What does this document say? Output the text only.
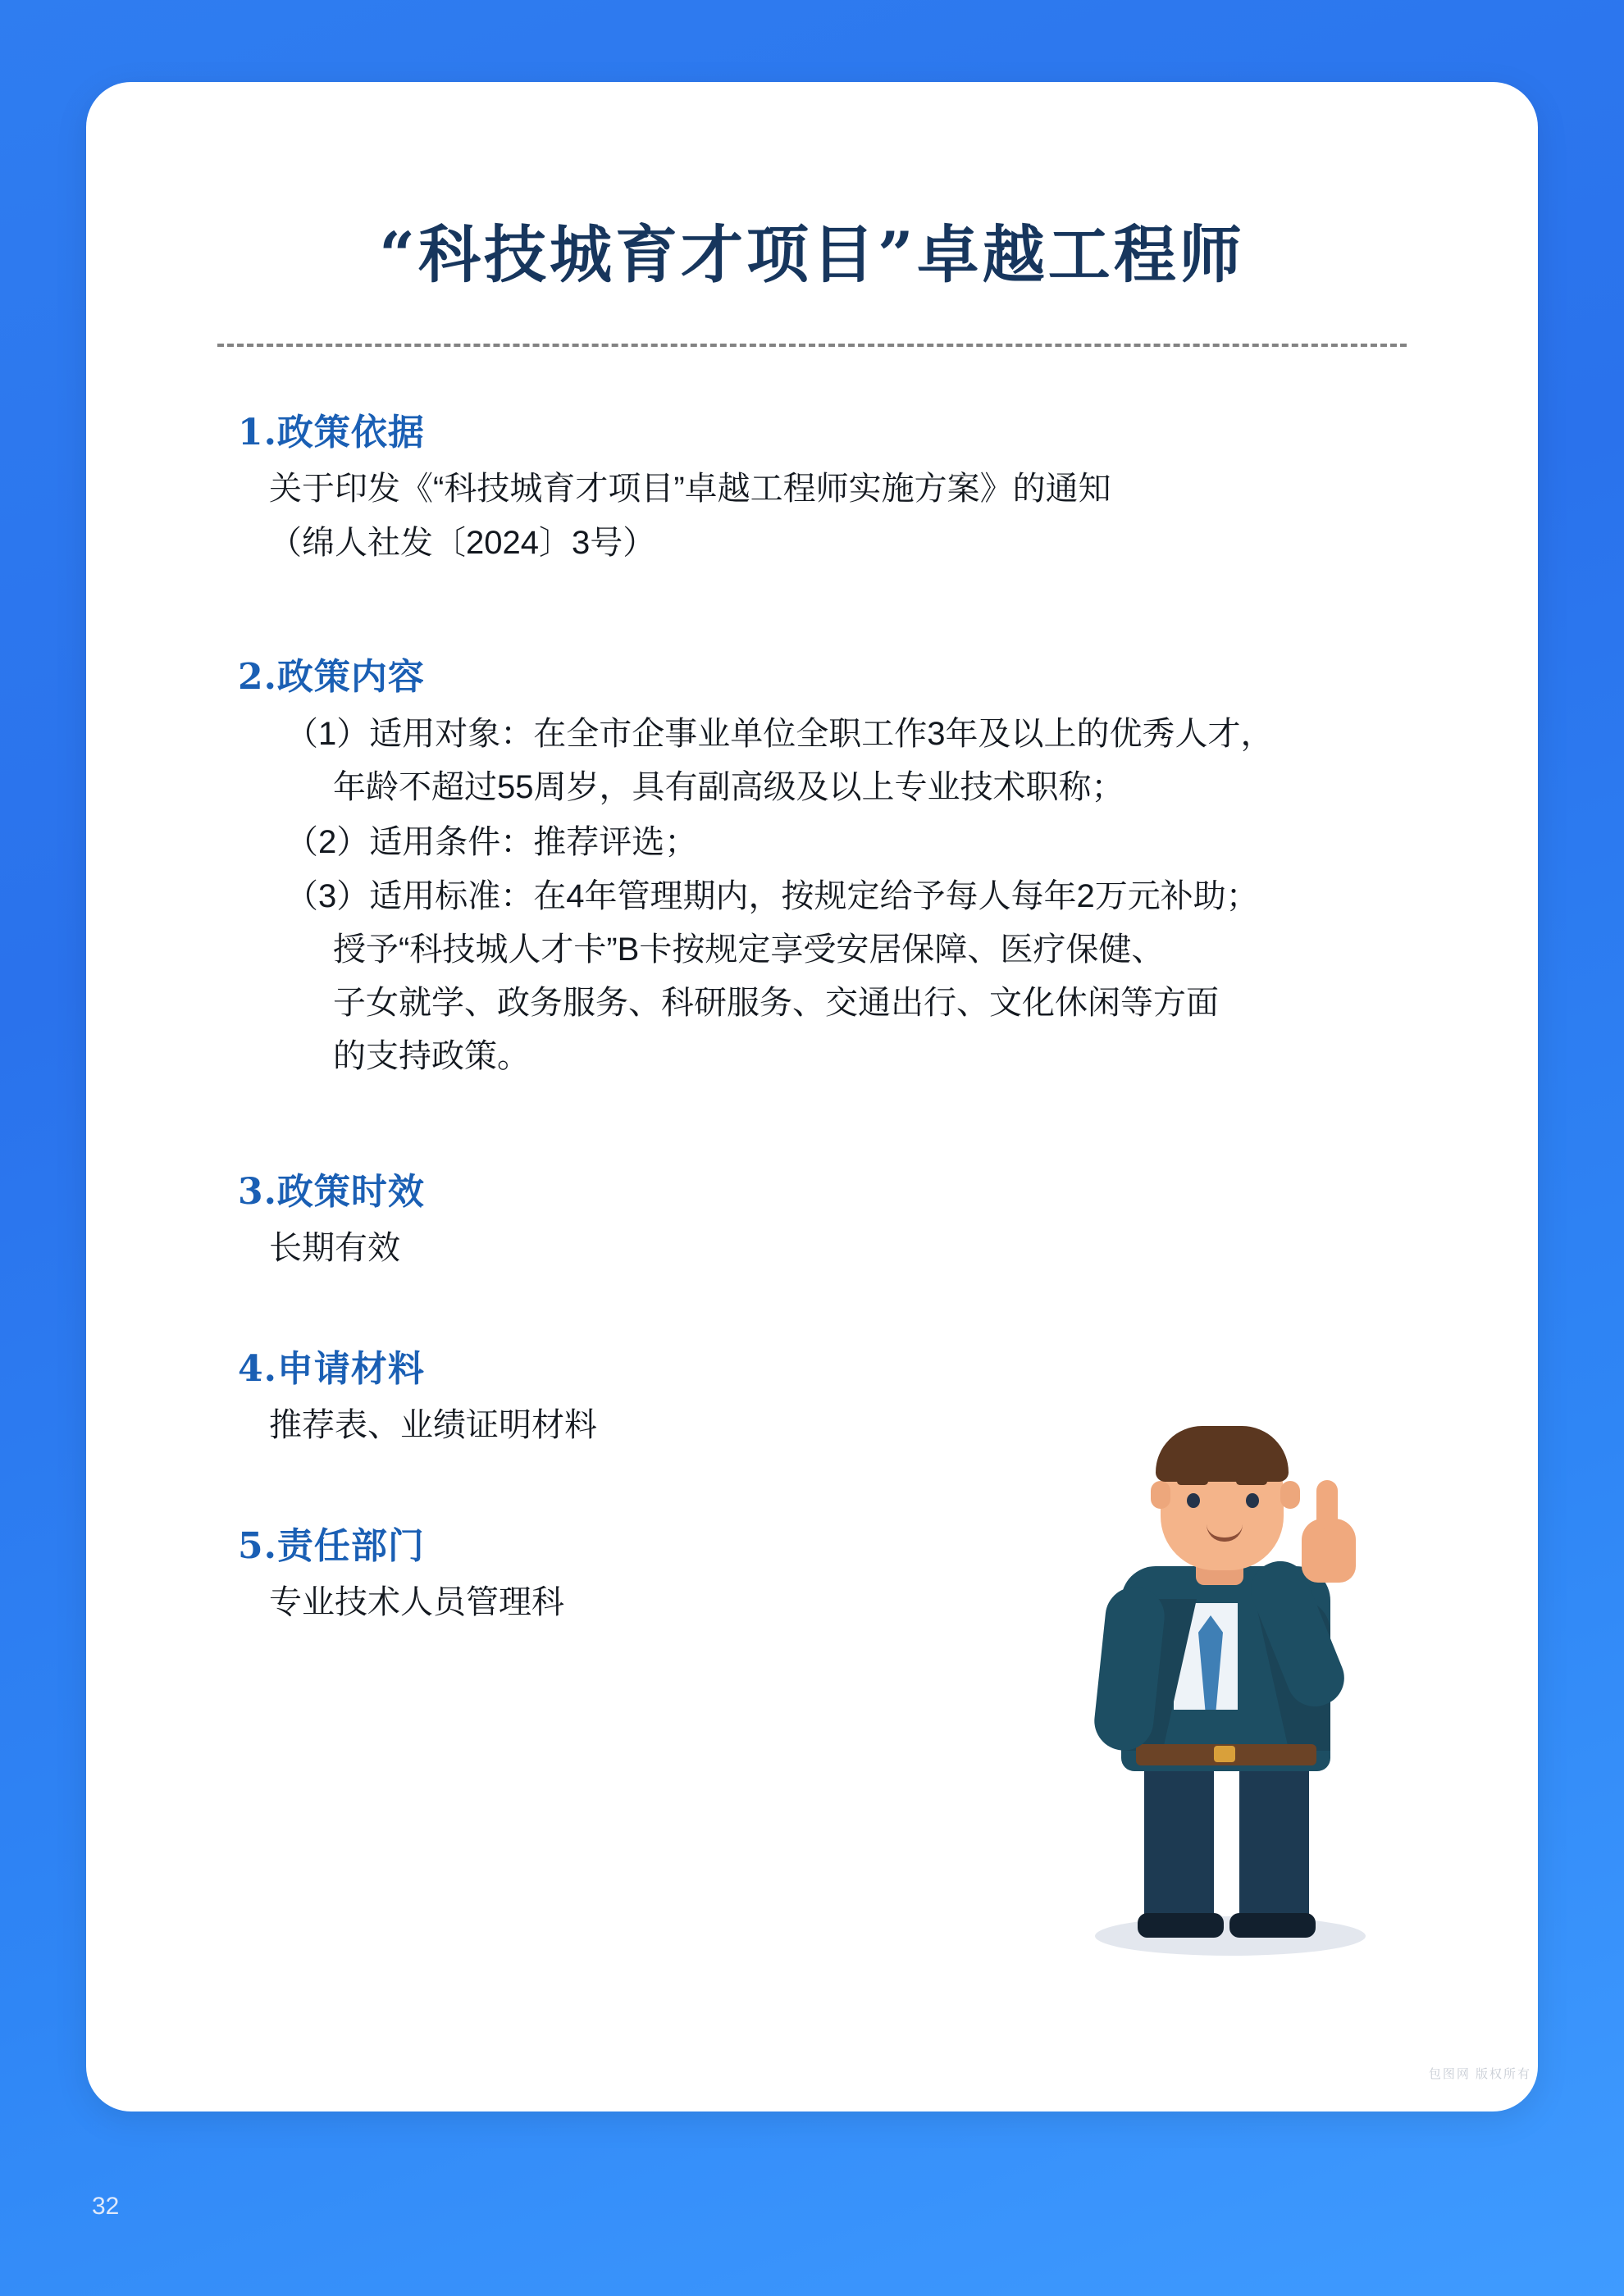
“科技城育才项目”卓越工程师
1.政策依据

关于印发《“科技城育才项目”卓越工程师实施方案》的通知

（绵人社发〔2024〕3号）

2.政策内容
（1）适用对象：在全市企事业单位全职工作3年及以上的优秀人才，
年龄不超过55周岁，具有副高级及以上专业技术职称；
（2）适用条件：推荐评选；
（3）适用标准：在4年管理期内，按规定给予每人每年2万元补助；
授予“科技城人才卡”B卡按规定享受安居保障、医疗保健、
子女就学、政务服务、科研服务、交通出行、文化休闲等方面
的支持政策。
3.政策时效

长期有效

4.申请材料

推荐表、业绩证明材料

5.责任部门

专业技术人员管理科

包图网 版权所有
32
